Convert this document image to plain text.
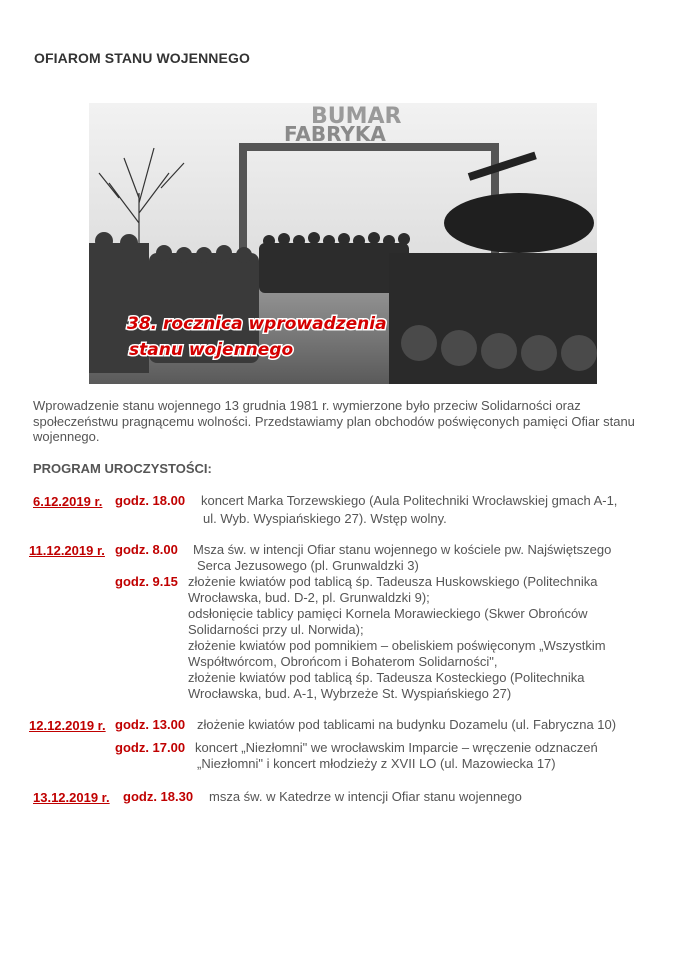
OFIAROM STANU WOJENNEGO
BUMAR
FABRYKA
38. rocznica wprowadzenia
stanu wojennego
Wprowadzenie stanu wojennego 13 grudnia 1981 r. wymierzone było przeciw Solidarności oraz społeczeństwu pragnącemu wolności. Przedstawiamy plan obchodów poświęconych pamięci Ofiar stanu wojennego.
PROGRAM UROCZYSTOŚCI:
6.12.2019 r. godz. 18.00 koncert Marka Torzewskiego (Aula Politechniki Wrocławskiej gmach A-1,
ul. Wyb. Wyspiańskiego 27). Wstęp wolny.
11.12.2019 r. godz. 8.00 Msza św. w intencji Ofiar stanu wojennego w kościele pw. Najświętszego
Serca Jezusowego (pl. Grunwaldzki 3)
godz. 9.15 złożenie kwiatów pod tablicą śp. Tadeusza Huskowskiego (Politechnika
Wrocławska, bud. D-2, pl. Grunwaldzki 9);
odsłonięcie tablicy pamięci Kornela Morawieckiego (Skwer Obrońców
Solidarności przy ul. Norwida);
złożenie kwiatów pod pomnikiem – obeliskiem poświęconym „Wszystkim
Współtwórcom, Obrońcom i Bohaterom Solidarności",
złożenie kwiatów pod tablicą śp. Tadeusza Kosteckiego (Politechnika
Wrocławska, bud. A-1, Wybrzeże St. Wyspiańskiego 27)
12.12.2019 r. godz. 13.00 złożenie kwiatów pod tablicami na budynku Dozamelu (ul. Fabryczna 10)
godz. 17.00 koncert „Niezłomni" we wrocławskim Imparcie – wręczenie odznaczeń
„Niezłomni" i koncert młodzieży z XVII LO (ul. Mazowiecka 17)
13.12.2019 r. godz. 18.30 msza św. w Katedrze w intencji Ofiar stanu wojennego
